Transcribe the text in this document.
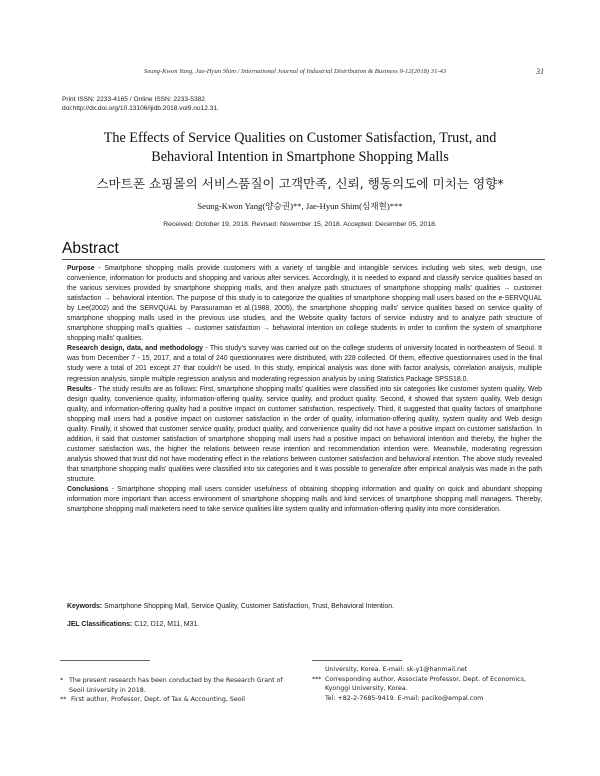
Seung-Kwon Yang, Jae-Hyun Shim / International Journal of Industrial Distribution & Business 9-12(2018) 31-43	31
Print ISSN: 2233-4165 / Online ISSN: 2233-5382
doi:http://dx.doi.org/10.13106/ijidb.2018.vol9.no12.31.
The Effects of Service Qualities on Customer Satisfaction, Trust, and
Behavioral Intention in Smartphone Shopping Malls
스마트폰 쇼핑몰의 서비스품질이 고객만족, 신뢰, 행동의도에 미치는 영향*
Seung-Kwon Yang(양승권)**, Jae-Hyun Shim(심재현)***
Received: October 19, 2018. Revised: November 15, 2018. Accepted: December 05, 2018.
Abstract

Purpose - Smartphone shopping malls provide customers with a variety of tangible and intangible services including web sites, web design, use convenience, information for products and shopping and various after services. Accordingly, it is needed to expand and classify service qualities based on the various services provided by smartphone shopping malls, and then analyze path structures of smartphone shopping malls' qualities → customer satisfaction → behavioral intention. The purpose of this study is to categorize the qualities of smartphone shopping mall users based on the e-SERVQUAL by Lee(2002) and the SERVQUAL by Parasuraman et al.(1988, 2005), the smartphone shopping malls' service qualities based on service quality of smartphone shopping malls used in the previous use studies, and the Website quality factors of service industry and to analyze path structure of smartphone shopping mall's qualities → customer satisfaction → behavioral intention on college students in order to confirm the system of smartphone shopping malls' qualities.

Research design, data, and methodology - This study's survey was carried out on the college students of university located in northeastern of Seoul. It was from December 7 - 15, 2017, and a total of 240 questionnaires were distributed, with 228 collected. Of them, effective questionnaires used in the final study were a total of 201 except 27 that couldn't be used. In this study, empirical analysis was done with factor analysis, correlation analysis, multiple regression analysis, simple multiple regression analysis and moderating regression analysis by using Statistics Package SPSS18.0.

Results - The study results are as follows: First, smartphone shopping malls' qualities were classified into six categories like customer system quality, Web design quality, convenience quality, information-offering quality, service quality, and product quality. Second, it showed that system quality, Web design quality, and information-offering quality had a positive impact on customer satisfaction, respectively. Third, it suggested that quality factors of smartphone shopping mall users had a positive impact on customer satisfaction in the order of quality, information-offering quality, system quality and Web design quality. Finally, it showed that customer service quality, product quality, and convenience quality did not have a positive impact on customer satisfaction. In addition, it said that customer satisfaction of smartphone shopping mall users had a positive impact on behavioral intention and thereby, the higher the customer satisfaction was, the higher the relations between reuse intention and recommendation intention were. Meanwhile, moderating regression analysis showed that trust did not have moderating effect in the relations between customer satisfaction and behavioral intention. The above study revealed that smartphone shopping malls' qualities were classified into six categories and it was possible to generalize after empirical analysis was made in the path structure.

Conclusions - Smartphone shopping mall users consider usefulness of obtaining shopping information and quality on quick and abundant shopping information more important than access environment of smartphone shopping malls and kind services of smartphone shopping mall managers. Thereby, smartphone shopping mall marketers need to take service qualities like system quality and information-offering quality into more consideration.

Keywords: Smartphone Shopping Mall, Service Quality, Customer Satisfaction, Trust, Behavioral Intention.
JEL Classifications: C12, D12, M11, M31.
* The present research has been conducted by the Research Grant of Seoil University in 2018.
** First author, Professor, Dept. of Tax & Accounting, Seoil
University, Korea. E-mail: sk-y1@hanmail.net
*** Corresponding author, Associate Professor, Dept. of Economics,
Kyonggi University, Korea.
Tel: +82-2-7685-9419. E-mail: paciko@empal.com
